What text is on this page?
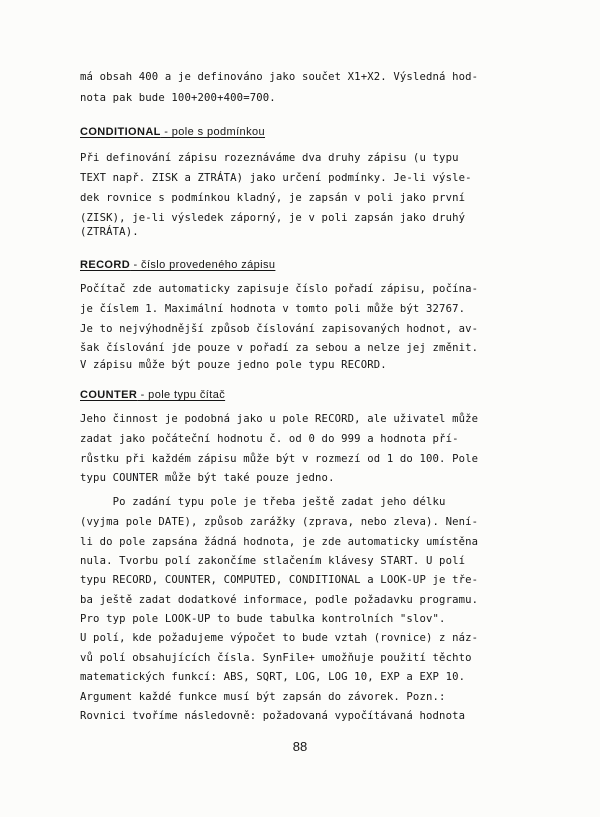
má obsah 400 a je definováno jako součet X1+X2. Výsledná hod-
nota pak bude 100+200+400=700.
CONDITIONAL - pole s podmínkou
Při definování zápisu rozeznáváme dva druhy zápisu (u typu
TEXT např. ZISK a ZTRÁTA) jako určení podmínky. Je-li výsle-
dek rovnice s podmínkou kladný, je zapsán v poli jako první
(ZISK), je-li výsledek záporný, je v poli zapsán jako druhý
(ZTRÁTA).
RECORD - číslo provedeného zápisu
Počítač zde automaticky zapisuje číslo pořadí zápisu, počína-
je číslem 1. Maximální hodnota v tomto poli může být 32767.
Je to nejvýhodnější způsob číslování zapisovaných hodnot, av-
šak číslování jde pouze v pořadí za sebou a nelze jej změnit.
V zápisu může být pouze jedno pole typu RECORD.
COUNTER - pole typu čítač
Jeho činnost je podobná jako u pole RECORD, ale uživatel může
zadat jako počáteční hodnotu č. od 0 do 999 a hodnota pří-
růstku při každém zápisu může být v rozmezí od 1 do 100. Pole
typu COUNTER může být také pouze jedno.
Po zadání typu pole je třeba ještě zadat jeho délku
(vyjma pole DATE), způsob zarážky (zprava, nebo zleva). Není-
li do pole zapsána žádná hodnota, je zde automaticky umístěna
nula. Tvorbu polí zakončíme stlačením klávesy START. U polí
typu RECORD, COUNTER, COMPUTED, CONDITIONAL a LOOK-UP je tře-
ba ještě zadat dodatkové informace, podle požadavku programu.
Pro typ pole LOOK-UP to bude tabulka kontrolních "slov".
U polí, kde požadujeme výpočet to bude vztah (rovnice) z náz-
vů polí obsahujících čísla. SynFile+ umožňuje použití těchto
matematických funkcí: ABS, SQRT, LOG, LOG 10, EXP a EXP 10.
Argument každé funkce musí být zapsán do závorek. Pozn.:
Rovnici tvoříme následovně: požadovaná vypočítávaná hodnota
88
